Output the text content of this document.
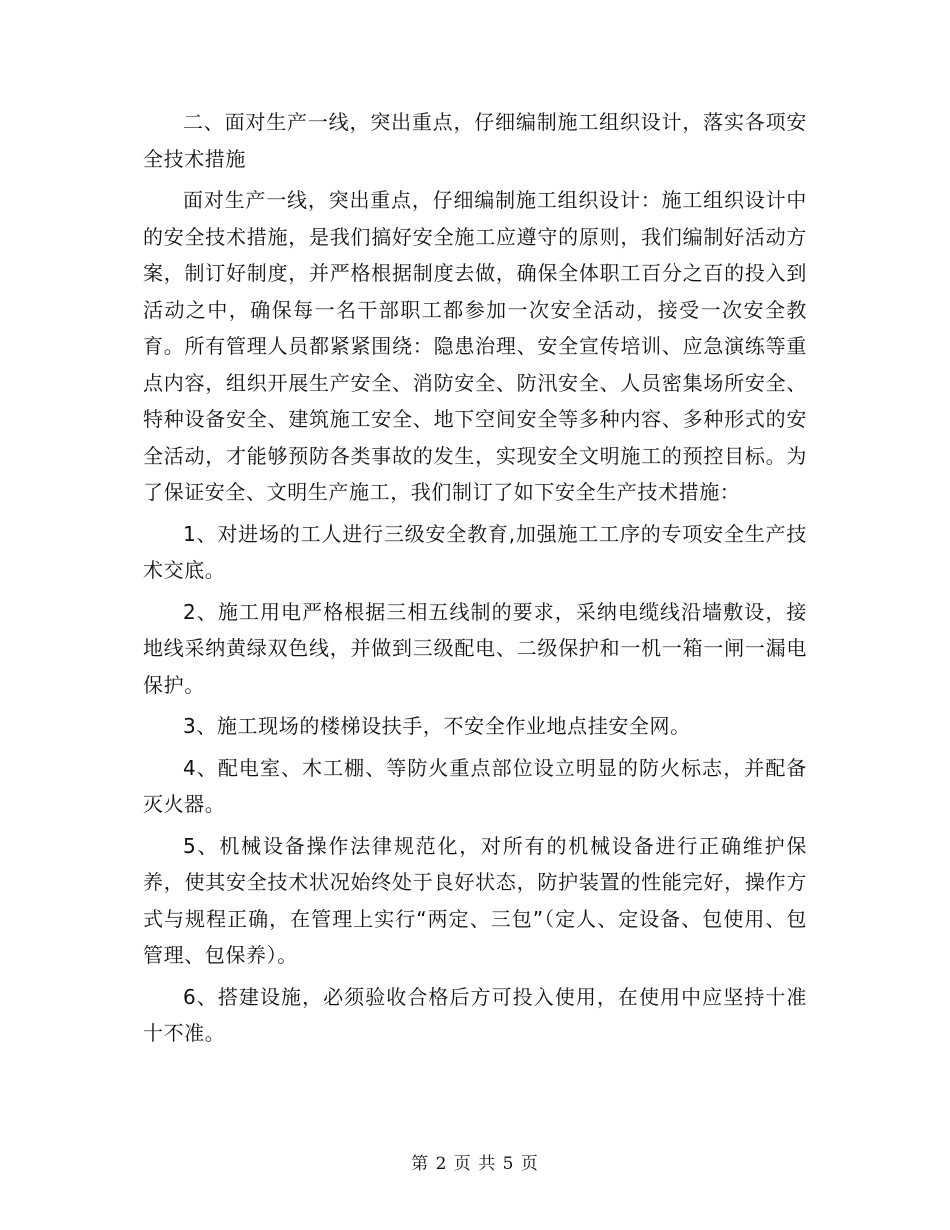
二、面对生产一线，突出重点，仔细编制施工组织设计，落实各项安全技术措施

面对生产一线，突出重点，仔细编制施工组织设计：施工组织设计中的安全技术措施，是我们搞好安全施工应遵守的原则，我们编制好活动方案，制订好制度，并严格根据制度去做，确保全体职工百分之百的投入到活动之中，确保每一名干部职工都参加一次安全活动，接受一次安全教育。所有管理人员都紧紧围绕：隐患治理、安全宣传培训、应急演练等重点内容，组织开展生产安全、消防安全、防汛安全、人员密集场所安全、特种设备安全、建筑施工安全、地下空间安全等多种内容、多种形式的安全活动，才能够预防各类事故的发生，实现安全文明施工的预控目标。为了保证安全、文明生产施工，我们制订了如下安全生产技术措施：

1、对进场的工人进行三级安全教育,加强施工工序的专项安全生产技术交底。

2、施工用电严格根据三相五线制的要求，采纳电缆线沿墙敷设，接地线采纳黄绿双色线，并做到三级配电、二级保护和一机一箱一闸一漏电保护。

3、施工现场的楼梯设扶手，不安全作业地点挂安全网。

4、配电室、木工棚、等防火重点部位设立明显的防火标志，并配备灭火器。

5、机械设备操作法律规范化，对所有的机械设备进行正确维护保养，使其安全技术状况始终处于良好状态，防护装置的性能完好，操作方式与规程正确，在管理上实行“两定、三包”（定人、定设备、包使用、包管理、包保养）。

6、搭建设施，必须验收合格后方可投入使用，在使用中应坚持十准十不准。

第 2 页 共 5 页
